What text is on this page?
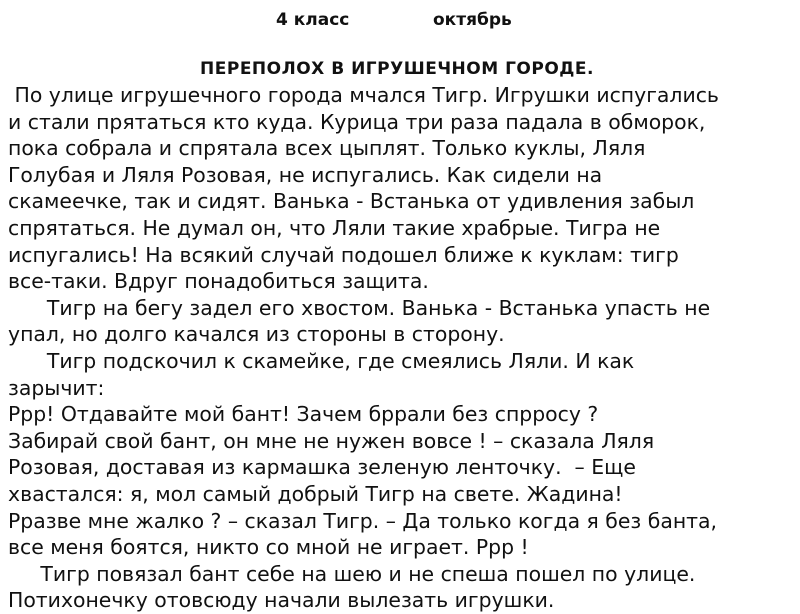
4 класс	октябрь
ПЕРЕПОЛОХ В ИГРУШЕЧНОМ ГОРОДЕ.
По улице игрушечного города мчался Тигр. Игрушки испугались
и стали прятаться кто куда. Курица три раза падала в обморок,
пока собрала и спрятала всех цыплят. Только куклы, Ляля
Голубая и Ляля Розовая, не испугались. Как сидели на
скамеечке, так и сидят. Ванька - Встанька от удивления забыл
спрятаться. Не думал он, что Ляли такие храбрые. Тигра не
испугались! На всякий случай подошел ближе к куклам: тигр
все-таки. Вдруг понадобиться защита.
Тигр на бегу задел его хвостом. Ванька - Встанька упасть не
упал, но долго качался из стороны в сторону.
Тигр подскочил к скамейке, где смеялись Ляли. И как
зарычит:
Ррр! Отдавайте мой бант! Зачем бррали без спррoсу ?
Забирай свой бант, он мне не нужен вовсе ! – сказала Ляля
Розовая, доставая из кармашка зеленую ленточку.  – Еще
хвастался: я, мол самый добрый Тигр на свете. Жадина!
Рразве мне жалко ? – сказал Тигр. – Да только когда я без банта,
все меня боятся, никто со мной не играет. Ррр !
Тигр повязал бант себе на шею и не спеша пошел по улице.
Потихонечку отовсюду начали вылезать игрушки.
